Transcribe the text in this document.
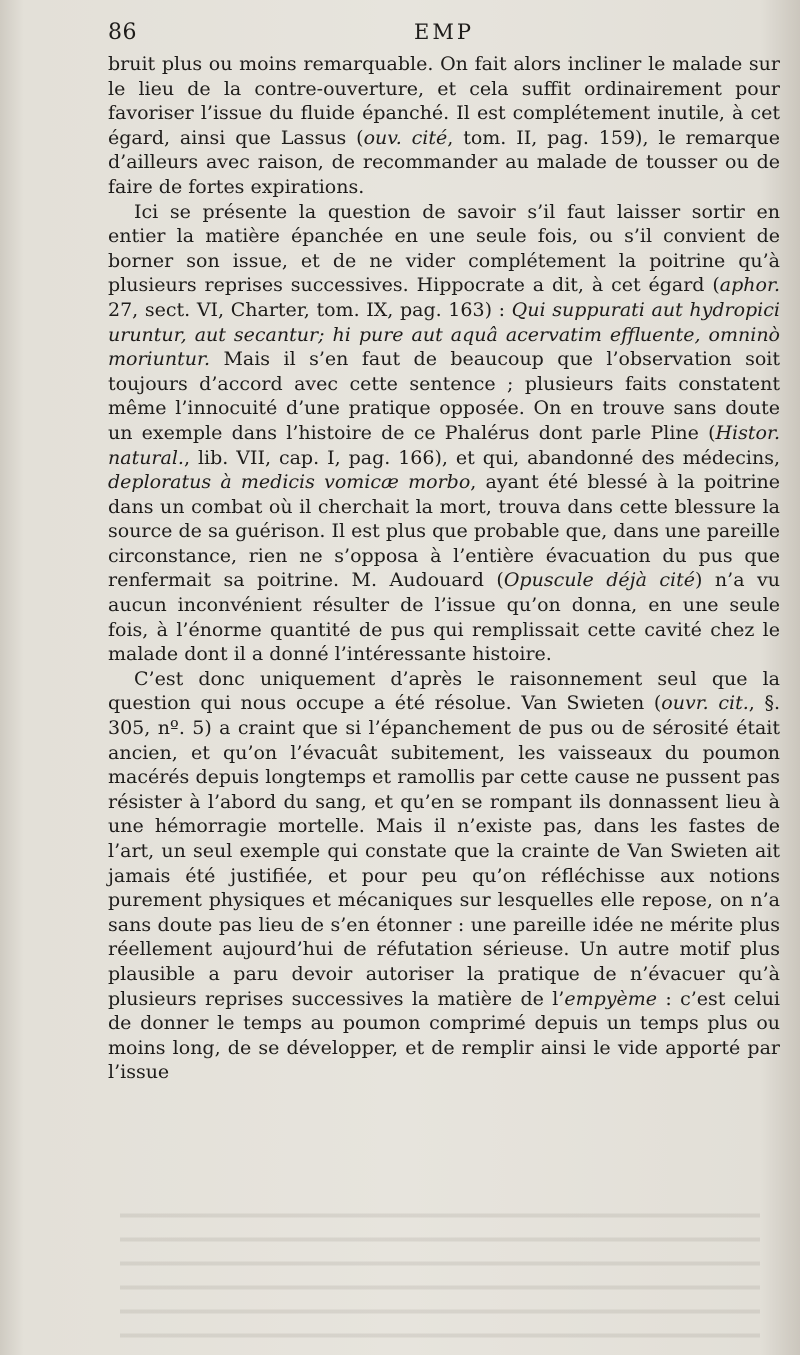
86	EMP

bruit plus ou moins remarquable. On fait alors incliner le malade sur le lieu de la contre-ouverture, et cela suffit ordinairement pour favoriser l’issue du fluide épanché. Il est complétement inutile, à cet égard, ainsi que Lassus (ouv. cité, tom. II, pag. 159), le remarque d’ailleurs avec raison, de recommander au malade de tousser ou de faire de fortes expirations.

Ici se présente la question de savoir s’il faut laisser sortir en entier la matière épanchée en une seule fois, ou s’il convient de borner son issue, et de ne vider complétement la poitrine qu’à plusieurs reprises successives. Hippocrate a dit, à cet égard (aphor. 27, sect. VI, Charter, tom. IX, pag. 163) : Qui suppurati aut hydropici uruntur, aut secantur; hi pure aut aquâ acervatim effluente, omninò moriuntur. Mais il s’en faut de beaucoup que l’observation soit toujours d’accord avec cette sentence ; plusieurs faits constatent même l’innocuité d’une pratique opposée. On en trouve sans doute un exemple dans l’histoire de ce Phalérus dont parle Pline (Histor. natural., lib. VII, cap. I, pag. 166), et qui, abandonné des médecins, deploratus à medicis vomicæ morbo, ayant été blessé à la poitrine dans un combat où il cherchait la mort, trouva dans cette blessure la source de sa guérison. Il est plus que probable que, dans une pareille circonstance, rien ne s’opposa à l’entière évacuation du pus que renfermait sa poitrine. M. Audouard (Opuscule déjà cité) n’a vu aucun inconvénient résulter de l’issue qu’on donna, en une seule fois, à l’énorme quantité de pus qui remplissait cette cavité chez le malade dont il a donné l’intéressante histoire.

C’est donc uniquement d’après le raisonnement seul que la question qui nous occupe a été résolue. Van Swieten (ouvr. cit., §. 305, nº. 5) a craint que si l’épanchement de pus ou de sérosité était ancien, et qu’on l’évacuât subitement, les vaisseaux du poumon macérés depuis longtemps et ramollis par cette cause ne pussent pas résister à l’abord du sang, et qu’en se rompant ils donnassent lieu à une hémorragie mortelle. Mais il n’existe pas, dans les fastes de l’art, un seul exemple qui constate que la crainte de Van Swieten ait jamais été justifiée, et pour peu qu’on réfléchisse aux notions purement physiques et mécaniques sur lesquelles elle repose, on n’a sans doute pas lieu de s’en étonner : une pareille idée ne mérite plus réellement aujourd’hui de réfutation sérieuse. Un autre motif plus plausible a paru devoir autoriser la pratique de n’évacuer qu’à plusieurs reprises successives la matière de l’empyème : c’est celui de donner le temps au poumon comprimé depuis un temps plus ou moins long, de se développer, et de remplir ainsi le vide apporté par l’issue
